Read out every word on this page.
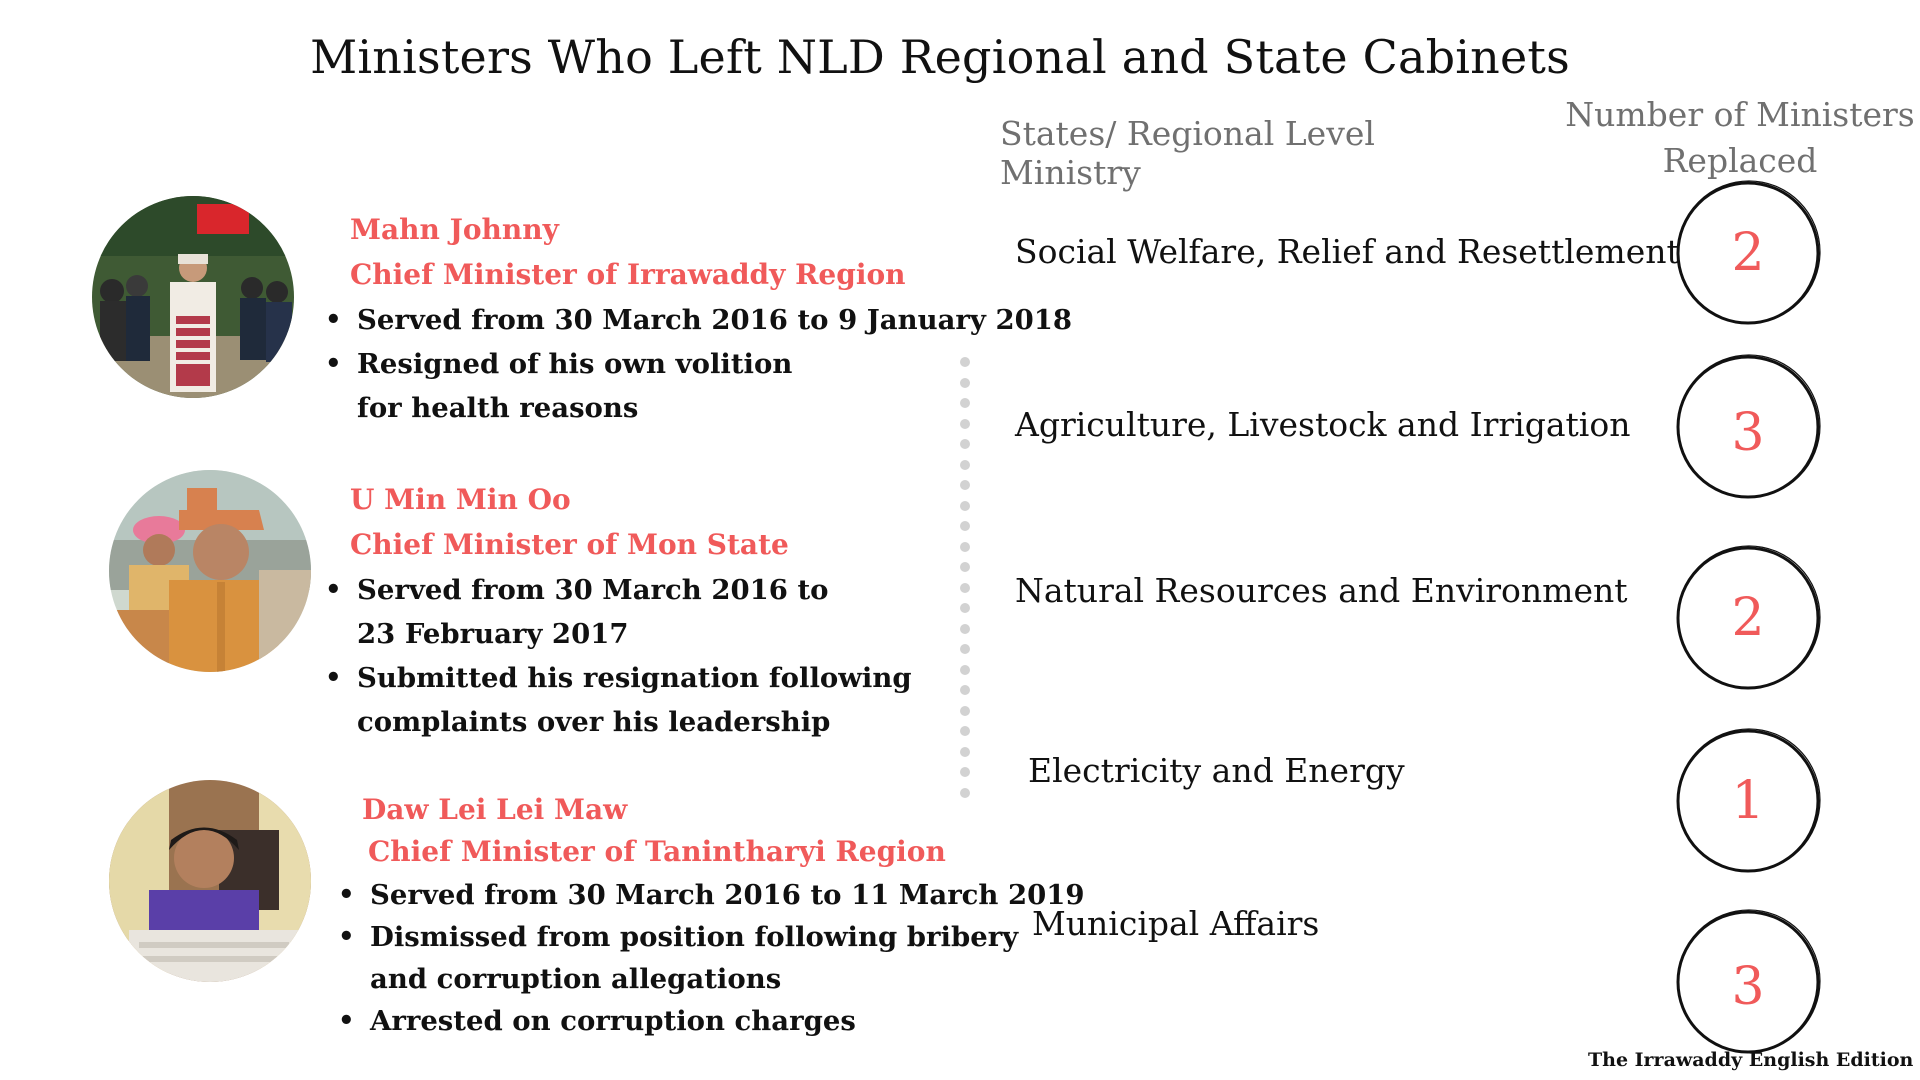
Ministers Who Left NLD Regional and State Cabinets
States/ Regional Level Ministry
Number of Ministers
Replaced
Mahn Johnny
Chief Minister of Irrawaddy Region
• Served from 30 March 2016 to 9 January 2018
• Resigned of his own volition
for health reasons
U Min Min Oo
Chief Minister of Mon State
• Served from 30 March 2016 to
23 February 2017
• Submitted his resignation following
complaints over his leadership
Daw Lei Lei Maw
Chief Minister of Tanintharyi Region
• Served from 30 March 2016 to 11 March 2019
• Dismissed from position following bribery
and corruption allegations
• Arrested on corruption charges
Social Welfare, Relief and Resettlement
Agriculture, Livestock and Irrigation
Natural Resources and Environment
Electricity and Energy
Municipal Affairs
2
3
2
1
3
The Irrawaddy English Edition
